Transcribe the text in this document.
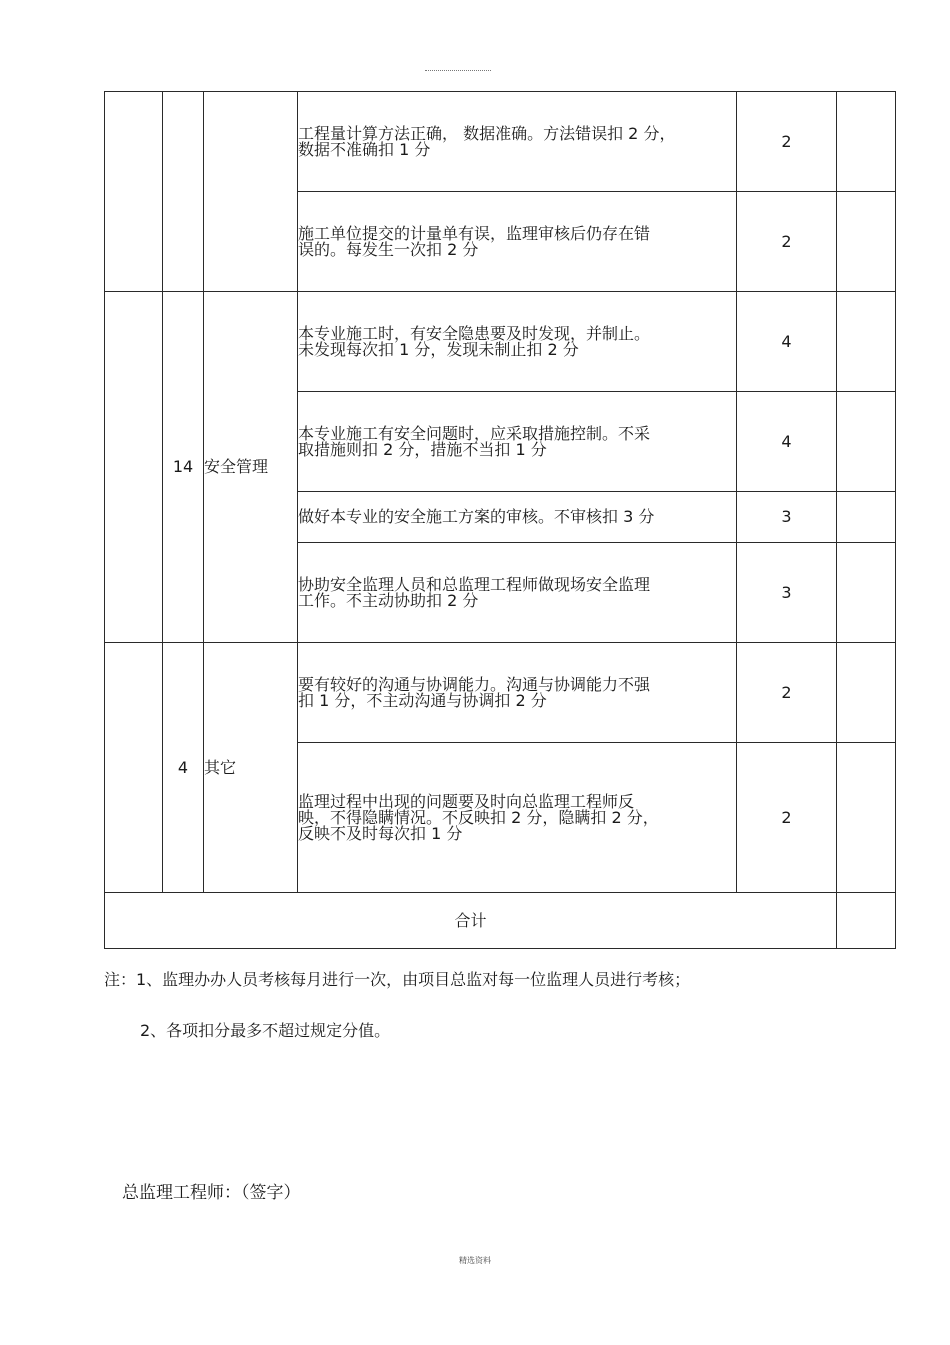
			工程量计算方法正确， 数据准确。方法错误扣 2 分，
数据不准确扣 1 分	2	

			施工单位提交的计量单有误，监理审核后仍存在错
误的。每发生一次扣 2 分	2	
	14	安全管理	本专业施工时，有安全隐患要及时发现，并制止。
未发现每次扣 1 分，发现未制止扣 2 分	4	

			本专业施工有安全问题时，应采取措施控制。不采
取措施则扣 2 分，措施不当扣 1 分	4	

			做好本专业的安全施工方案的审核。不审核扣 3 分	3	

			协助安全监理人员和总监理工程师做现场安全监理
工作。不主动协助扣 2 分	3	
	4	其它	要有较好的沟通与协调能力。沟通与协调能力不强
扣 1 分，不主动沟通与协调扣 2 分	2	

			监理过程中出现的问题要及时向总监理工程师反
映，不得隐瞒情况。不反映扣 2 分，隐瞒扣 2 分，
反映不及时每次扣 1 分	2	
合计					
注：1、监理办办人员考核每月进行一次，由项目总监对每一位监理人员进行考核；
2、各项扣分最多不超过规定分值。
总监理工程师：（签字）
精选资料
